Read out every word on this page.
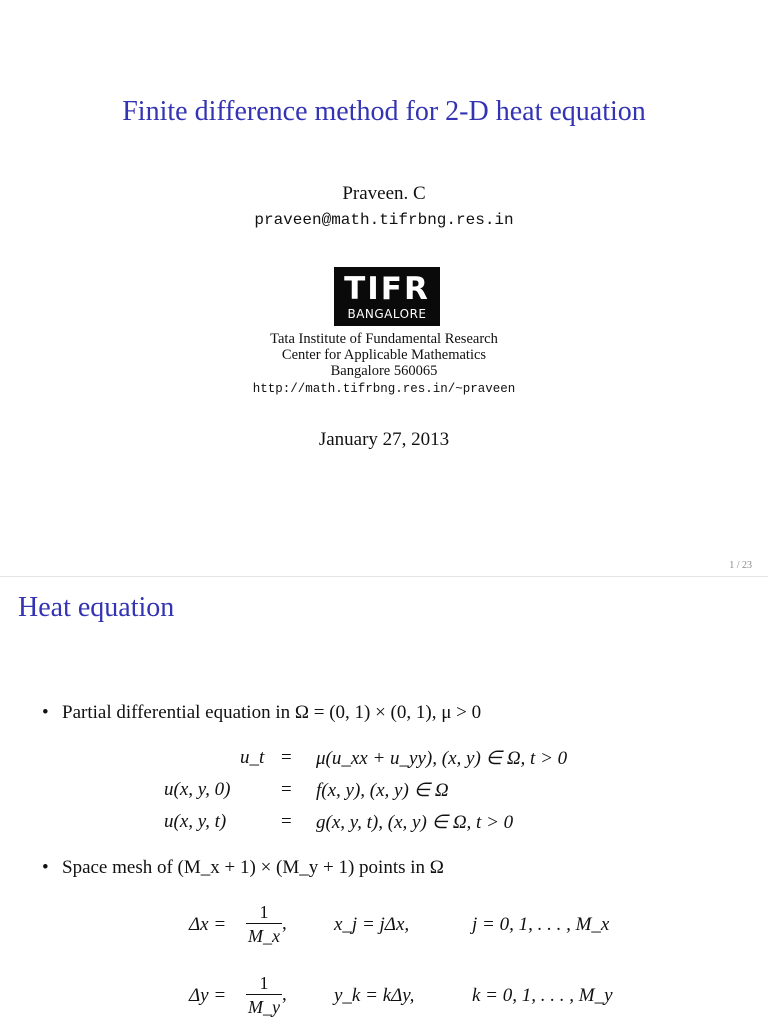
Finite difference method for 2-D heat equation
Praveen. C
praveen@math.tifrbng.res.in
TIFR
BANGALORE
Tata Institute of Fundamental Research
Center for Applicable Mathematics
Bangalore 560065
http://math.tifrbng.res.in/~praveen
January 27, 2013
1 / 23
Heat equation
• Partial differential equation in Ω = (0, 1) × (0, 1), μ > 0
u_t = μ(u_xx + u_yy), (x, y) ∈ Ω, t > 0
u(x, y, 0)	= f(x, y), (x, y) ∈ Ω
u(x, y, t)	= g(x, y, t), (x, y) ∈ Ω, t > 0
• Space mesh of (M_x + 1) × (M_y + 1) points in Ω
$\Delta x = \frac{1}{M\_x}$ , x_j = jΔx,	j = 0, 1, . . . , M_x
$\Delta y = \frac{1}{M\_y}$ , y_k = kΔy,	k = 0, 1, . . . , M_y
